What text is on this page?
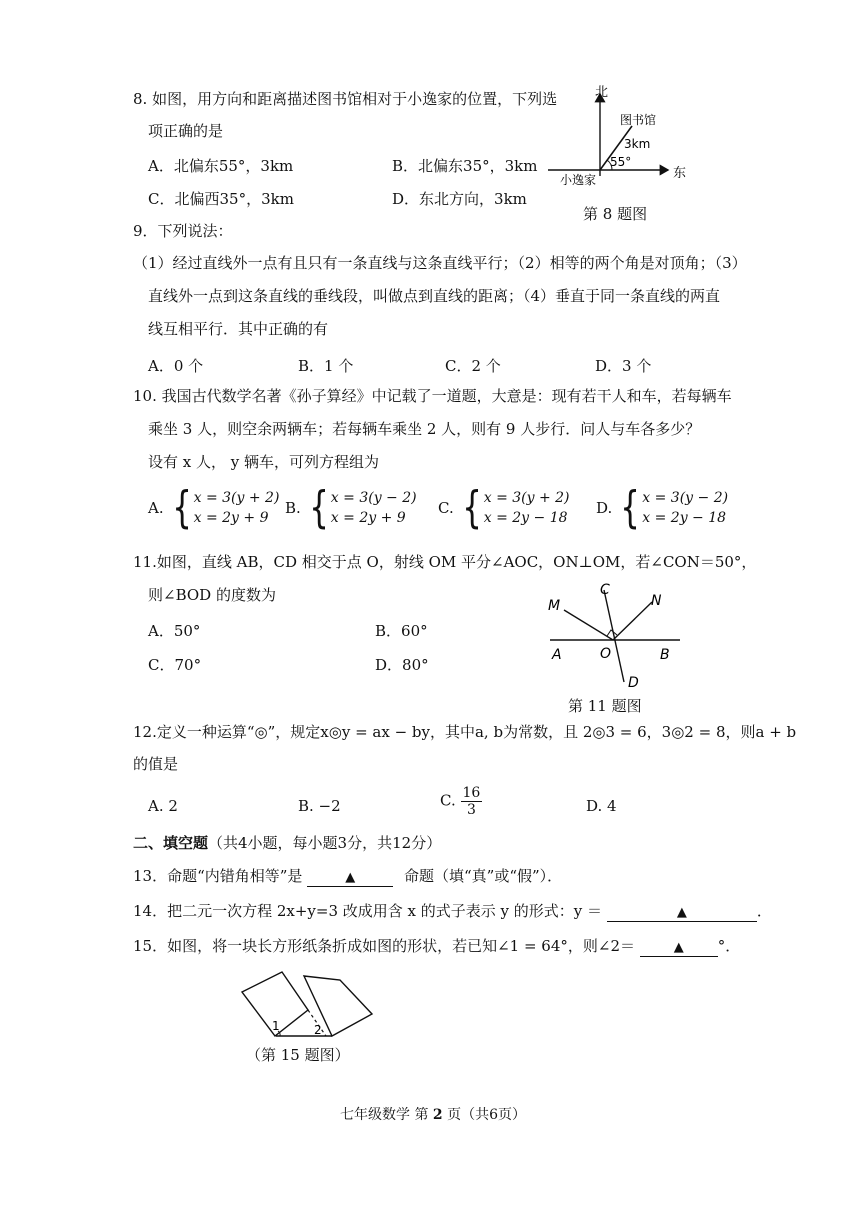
8. 如图，用方向和距离描述图书馆相对于小逸家的位置，下列选
项正确的是
A．北偏东55°，3km	B．北偏东35°，3km
C．北偏西35°，3km	D．东北方向，3km
北
东
图书馆
3km
55°
小逸家
第 8 题图
9．下列说法：
（1）经过直线外一点有且只有一条直线与这条直线平行；（2）相等的两个角是对顶角；（3）
直线外一点到这条直线的垂线段，叫做点到直线的距离；（4）垂直于同一条直线的两直
线互相平行．其中正确的有
A．0 个	B．1 个	C．2 个	D．3 个
10. 我国古代数学名著《孙子算经》中记载了一道题，大意是：现有若干人和车，若每辆车
乘坐 3 人，则空余两辆车；若每辆车乘坐 2 人，则有 9 人步行．问人与车各多少？
设有 x 人， y 辆车，可列方程组为
A. { x = 3(y + 2)
x = 2y + 9
B. { x = 3(y − 2)
x = 2y + 9
C. { x = 3(y + 2)
x = 2y − 18
D. { x = 3(y − 2)
x = 2y − 18
11.如图，直线 AB，CD 相交于点 O，射线 OM 平分∠AOC，ON⊥OM，若∠CON＝50°，
则∠BOD 的度数为
A．50°	B．60°
C．70°	D．80°
M
C
N
A	O	B
D
第 11 题图
12.定义一种运算“◎”，规定x◎y = ax − by，其中a, b为常数，且 2◎3 = 6，3◎2 = 8，则a + b
的值是
A. 2	B. −2	C. $\frac{16}{3}$	D. 4
二、填空题（共4小题，每小题3分，共12分）
13．命题“内错角相等”是	▲	命题（填“真”或“假”）．
14．把二元一次方程 2x+y=3 改成用含 x 的式子表示 y 的形式：y ＝	▲	．
15．如图，将一块长方形纸条折成如图的形状，若已知∠1 = 64°，则∠2＝	▲ °．
1	2
（第 15 题图）
七年级数学 第 2 页（共6页）
